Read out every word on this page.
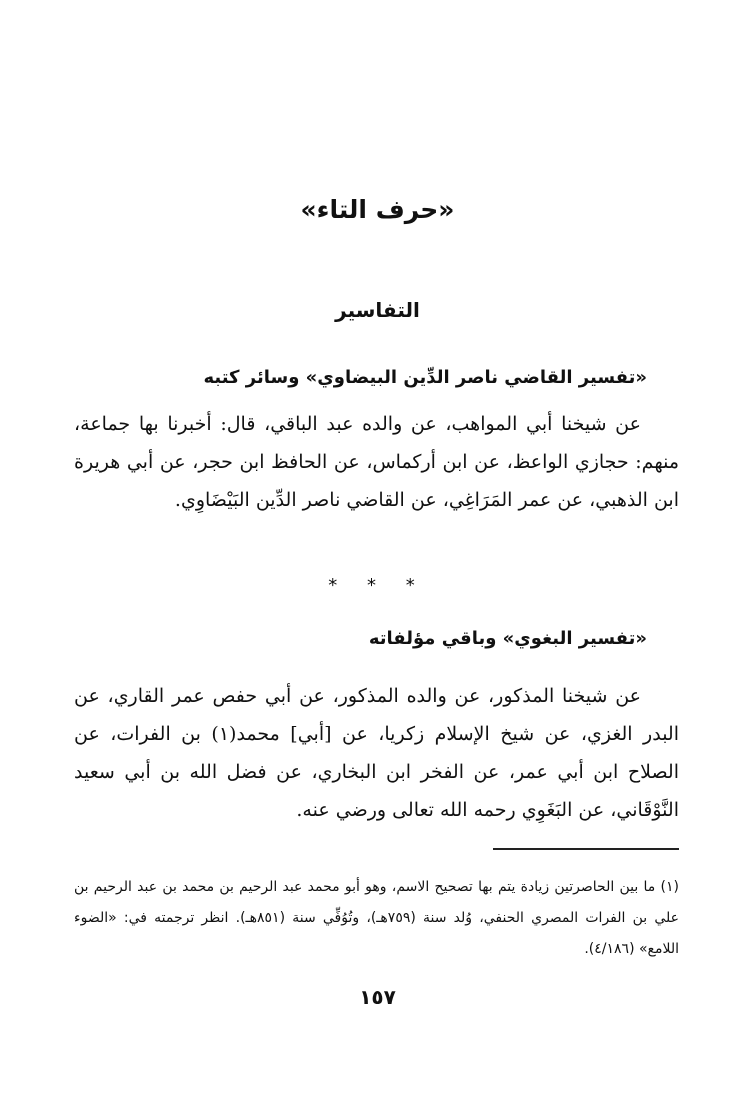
«حرف التاء»
التفاسير
«تفسير القاضي ناصر الدِّين البيضاوي» وسائر كتبه

عن شيخنا أبي المواهب، عن والده عبد الباقي، قال: أخبرنا بها جماعة، منهم: حجازي الواعظ، عن ابن أركماس، عن الحافظ ابن حجر، عن أبي هريرة ابن الذهبي، عن عمر المَرَاغِي، عن القاضي ناصر الدِّين البَيْضَاوِي.

* * *
«تفسير البغوي» وباقي مؤلفاته

عن شيخنا المذكور، عن والده المذكور، عن أبي حفص عمر القاري، عن البدر الغزي، عن شيخ الإسلام زكريا، عن [أبي] محمد(١) بن الفرات، عن الصلاح ابن أبي عمر، عن الفخر ابن البخاري، عن فضل الله بن أبي سعيد النَّوْقَاني، عن البَغَوِي رحمه الله تعالى ورضي عنه.

(١) ما بين الحاصرتين زيادة يتم بها تصحيح الاسم، وهو أبو محمد عبد الرحيم بن محمد بن عبد الرحيم بن علي بن الفرات المصري الحنفي، وُلد سنة (٧٥٩هـ)، وتُوُفِّي سنة (٨٥١هـ). انظر ترجمته في: «الضوء اللامع» (٤/١٨٦).

١٥٧
